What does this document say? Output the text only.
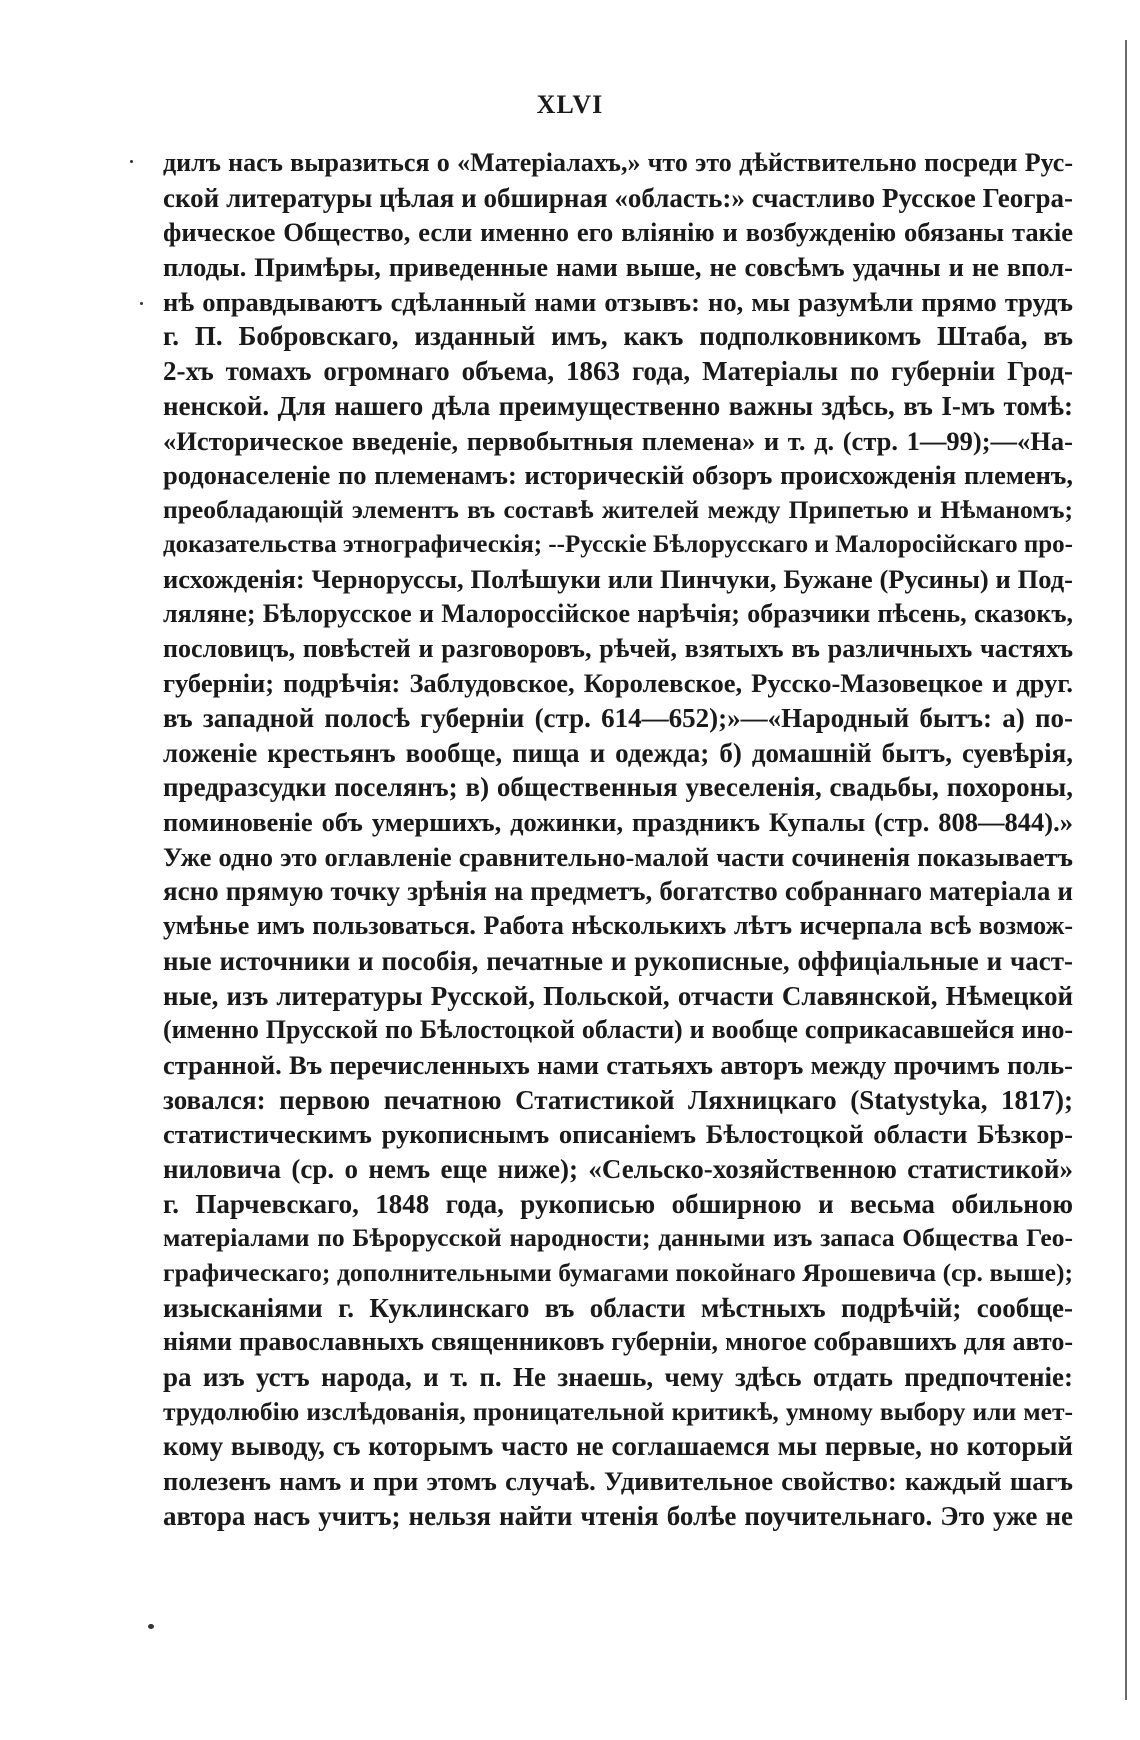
XLVI
дилъ насъ выразиться о «Матеріалахъ,» что это дѣйствительно посреди Рус-
ской литературы цѣлая и обширная «область:» счастливо Русское Геогра-
фическое Общество, если именно его вліянію и возбужденію обязаны такіе
плоды. Примѣры, приведенные нами выше, не совсѣмъ удачны и не впол-
нѣ оправдываютъ сдѣланный нами отзывъ: но, мы разумѣли прямо трудъ
г. П. Бобровскаго, изданный имъ, какъ подполковникомъ Штаба, въ
2-хъ томахъ огромнаго объема, 1863 года, Матеріалы по губерніи Грод-
ненской. Для нашего дѣла преимущественно важны здѣсь, въ І-мъ томѣ:
«Историческое введеніе, первобытныя племена» и т. д. (стр. 1—99);—«На-
родонаселеніе по племенамъ: историческій обзоръ происхожденія племенъ,
преобладающій элементъ въ составѣ жителей между Припетью и Нѣманомъ;
доказательства этнографическія; --Русскіе Бѣлорусскаго и Малоросійскаго про-
исхожденія: Черноруссы, Полѣшуки или Пинчуки, Бужане (Русины) и Под-
ляляне; Бѣлорусское и Малороссійское нарѣчія; образчики пѣсень, сказокъ,
пословицъ, повѣстей и разговоровъ, рѣчей, взятыхъ въ различныхъ частяхъ
губерніи; подрѣчія: Заблудовское, Королевское, Русско-Мазовецкое и друг.
въ западной полосѣ губерніи (стр. 614—652);»—«Народный бытъ: а) по-
ложеніе крестьянъ вообще, пища и одежда; б) домашній бытъ, суевѣрія,
предразсудки поселянъ; в) общественныя увеселенія, свадьбы, похороны,
поминовеніе объ умершихъ, дожинки, праздникъ Купалы (стр. 808—844).»
Уже одно это оглавленіе сравнительно-малой части сочиненія показываетъ
ясно прямую точку зрѣнія на предметъ, богатство собраннаго матеріала и
умѣнье имъ пользоваться. Работа нѣсколькихъ лѣтъ исчерпала всѣ возмож-
ные источники и пособія, печатные и рукописные, оффиціальные и част-
ные, изъ литературы Русской, Польской, отчасти Славянской, Нѣмецкой
(именно Прусской по Бѣлостоцкой области) и вообще соприкасавшейся ино-
странной. Въ перечисленныхъ нами статьяхъ авторъ между прочимъ поль-
зовался: первою печатною Статистикой Ляхницкаго (Statystyka, 1817);
статистическимъ рукописнымъ описаніемъ Бѣлостоцкой области Бѣзкор-
ниловича (ср. о немъ еще ниже); «Сельско-хозяйственною статистикой»
г. Парчевскаго, 1848 года, рукописью обширною и весьма обильною
матеріалами по Бѣрорусской народности; данными изъ запаса Общества Гео-
графическаго; дополнительными бумагами покойнаго Ярошевича (ср. выше);
изысканіями г. Куклинскаго въ области мѣстныхъ подрѣчій; сообще-
ніями православныхъ священниковъ губерніи, многое собравшихъ для авто-
ра изъ устъ народа, и т. п. Не знаешь, чему здѣсь отдать предпочтеніе:
трудолюбію изслѣдованія, проницательной критикѣ, умному выбору или мет-
кому выводу, съ которымъ часто не соглашаемся мы первые, но который
полезенъ намъ и при этомъ случаѣ. Удивительное свойство: каждый шагъ
автора насъ учитъ; нельзя найти чтенія болѣе поучительнаго. Это уже не
